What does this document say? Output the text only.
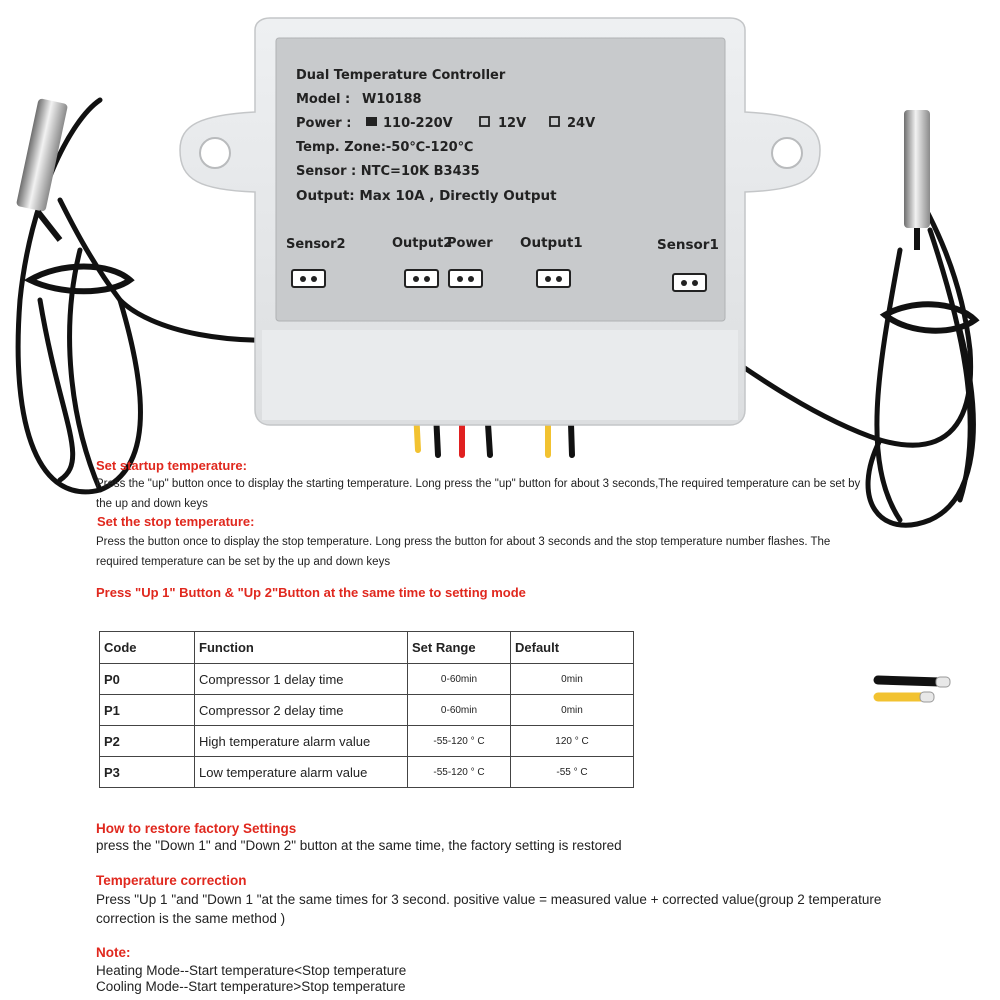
Dual Temperature Controller
Model : W10188
Power : 110-220V	12V	24V
Temp. Zone:-50℃-120℃
Sensor : NTC=10K B3435
Output: Max 10A , Directly Output
Sensor2	Output2
Power Output1	Sensor1
Set startup temperature:
Press the "up" button once to display the starting temperature. Long press the "up" button for about 3 seconds,The required temperature can be set by
the up and down keys
Set the stop temperature:
Press the button once to display the stop temperature. Long press the button for about 3 seconds and the stop temperature number flashes. The
required temperature can be set by the up and down keys
Press "Up 1" Button & "Up 2"Button at the same time to setting mode
Code	Function	Set Range	Default
P0	Compressor 1 delay time	0-60min	0min
P1	Compressor 2 delay time	0-60min	0min
P2	High temperature alarm value	-55-120 ° C	120 ° C
P3	Low temperature alarm value	-55-120 ° C	-55 ° C
How to restore factory Settings
press the "Down 1" and "Down 2" button at the same time, the factory setting is restored
Temperature correction
Press "Up 1 "and "Down 1 "at the same times for 3 second. positive value = measured value + corrected value(group 2 temperature
correction is the same method )
Note:
Heating Mode--Start temperature<Stop temperature
Cooling Mode--Start temperature>Stop temperature
